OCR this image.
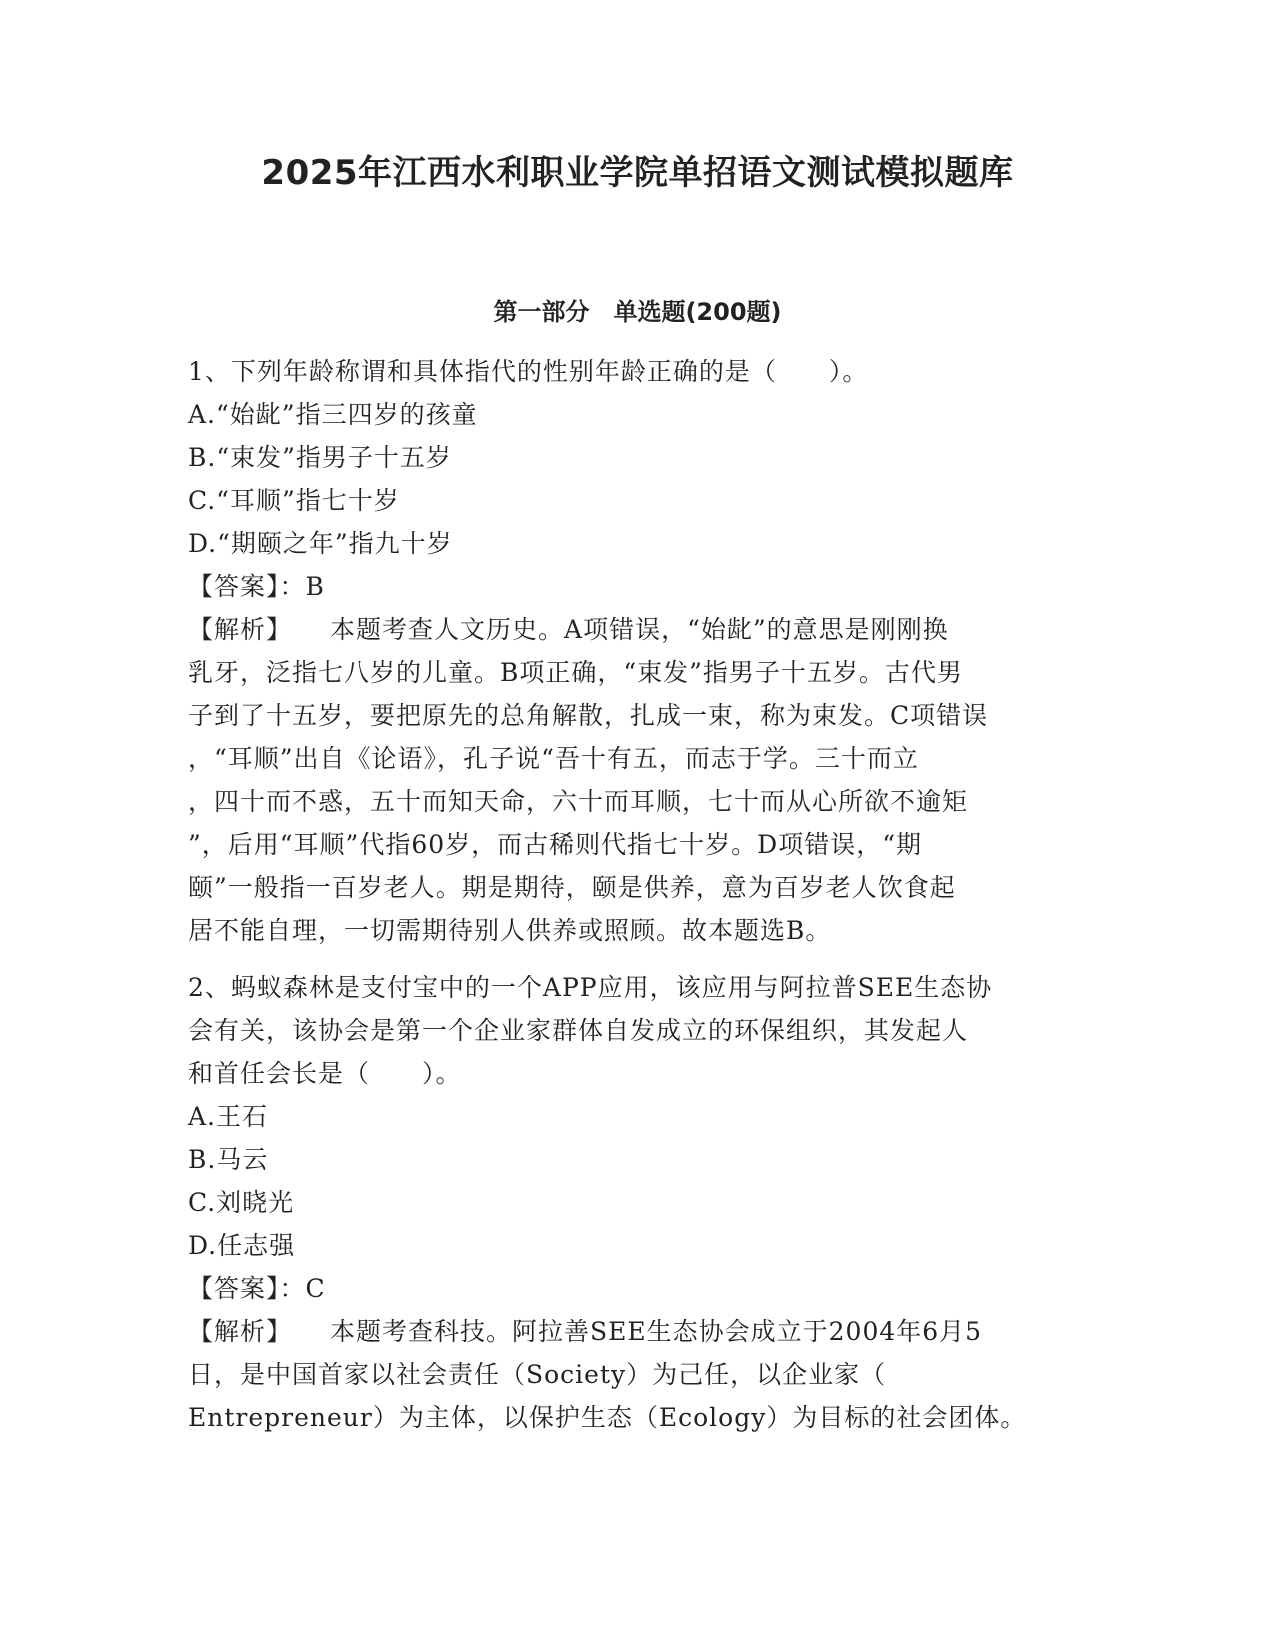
2025年江西水利职业学院单招语文测试模拟题库
第一部分　单选题(200题)
1、下列年龄称谓和具体指代的性别年龄正确的是（　　）。
A.“始龀”指三四岁的孩童
B.“束发”指男子十五岁
C.“耳顺”指七十岁
D.“期颐之年”指九十岁
【答案】：B
【解析】 本题考查人文历史。A项错误，“始龀”的意思是刚刚换
乳牙，泛指七八岁的儿童。B项正确，“束发”指男子十五岁。古代男
子到了十五岁，要把原先的总角解散，扎成一束，称为束发。C项错误
，“耳顺”出自《论语》，孔子说“吾十有五，而志于学。三十而立
，四十而不惑，五十而知天命，六十而耳顺，七十而从心所欲不逾矩
”，后用“耳顺”代指60岁，而古稀则代指七十岁。D项错误，“期
颐”一般指一百岁老人。期是期待，颐是供养，意为百岁老人饮食起
居不能自理，一切需期待别人供养或照顾。故本题选B。
2、蚂蚁森林是支付宝中的一个APP应用，该应用与阿拉普SEE生态协
会有关，该协会是第一个企业家群体自发成立的环保组织，其发起人
和首任会长是（　　）。
A.王石
B.马云
C.刘晓光
D.任志强
【答案】：C
【解析】 本题考查科技。阿拉善SEE生态协会成立于2004年6月5
日，是中国首家以社会责任（Society）为己任，以企业家（
Entrepreneur）为主体，以保护生态（Ecology）为目标的社会团体。
